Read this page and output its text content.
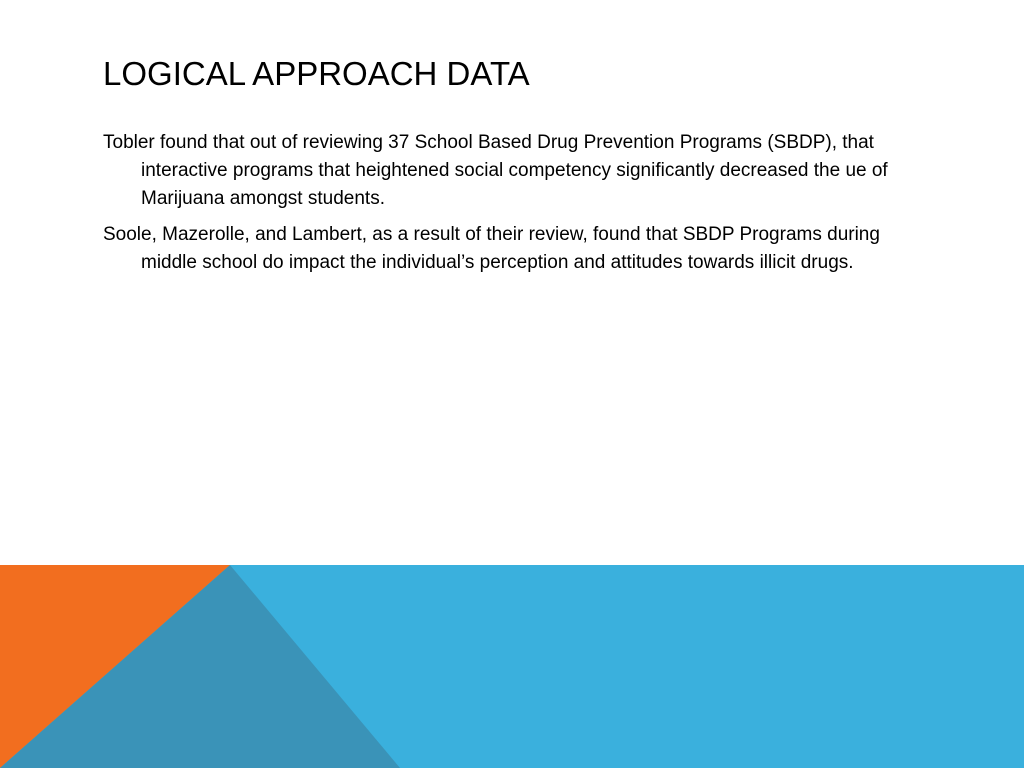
LOGICAL APPROACH DATA
Tobler found that out of reviewing 37 School Based Drug Prevention Programs (SBDP), that interactive programs that heightened social competency significantly decreased the ue of Marijuana amongst students.
Soole, Mazerolle, and Lambert, as a result of their review, found that SBDP Programs during middle school do impact the individual’s perception and attitudes towards illicit drugs.
